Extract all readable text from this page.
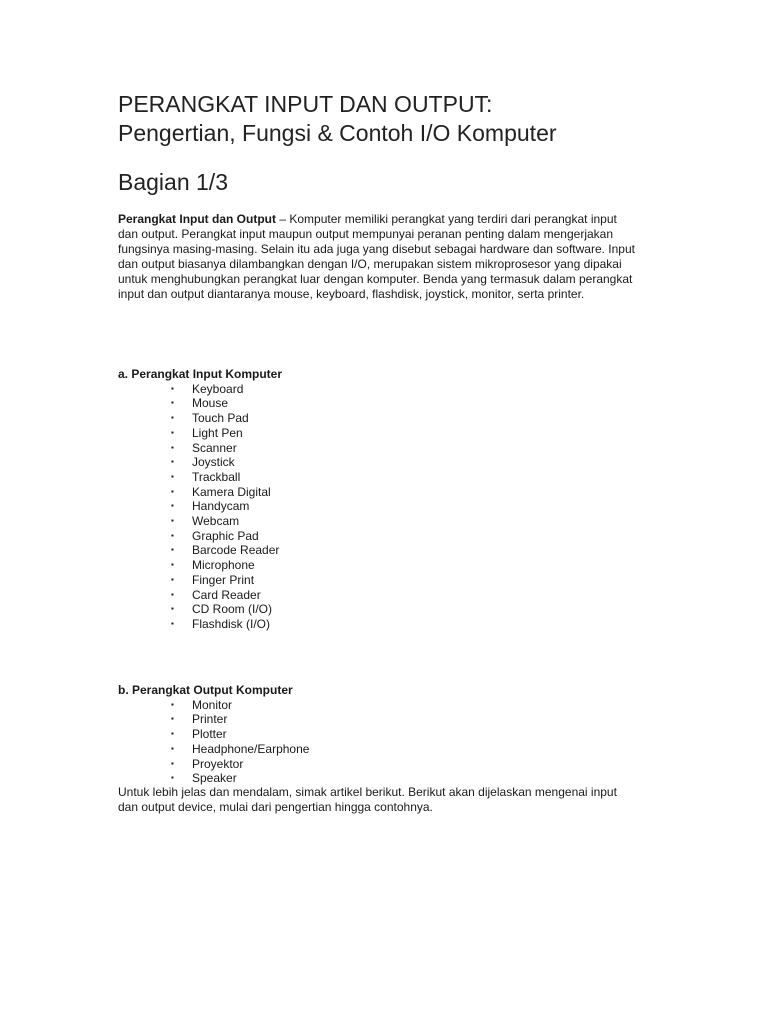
PERANGKAT INPUT DAN OUTPUT:
Pengertian, Fungsi & Contoh I/O Komputer
Bagian 1/3

Perangkat Input dan Output – Komputer memiliki perangkat yang terdiri dari perangkat input dan output. Perangkat input maupun output mempunyai peranan penting dalam mengerjakan fungsinya masing-masing. Selain itu ada juga yang disebut sebagai hardware dan software. Input dan output biasanya dilambangkan dengan I/O, merupakan sistem mikroprosesor yang dipakai untuk menghubungkan perangkat luar dengan komputer. Benda yang termasuk dalam perangkat input dan output diantaranya mouse, keyboard, flashdisk, joystick, monitor, serta printer.

a. Perangkat Input Komputer
▪ Keyboard
▪ Mouse
▪ Touch Pad
▪ Light Pen
▪ Scanner
▪ Joystick
▪ Trackball
▪ Kamera Digital
▪ Handycam
▪ Webcam
▪ Graphic Pad
▪ Barcode Reader
▪ Microphone
▪ Finger Print
▪ Card Reader
▪ CD Room (I/O)
▪ Flashdisk (I/O)
b. Perangkat Output Komputer
▪ Monitor
▪ Printer
▪ Plotter
▪ Headphone/Earphone
▪ Proyektor
▪ Speaker

Untuk lebih jelas dan mendalam, simak artikel berikut. Berikut akan dijelaskan mengenai input dan output device, mulai dari pengertian hingga contohnya.
